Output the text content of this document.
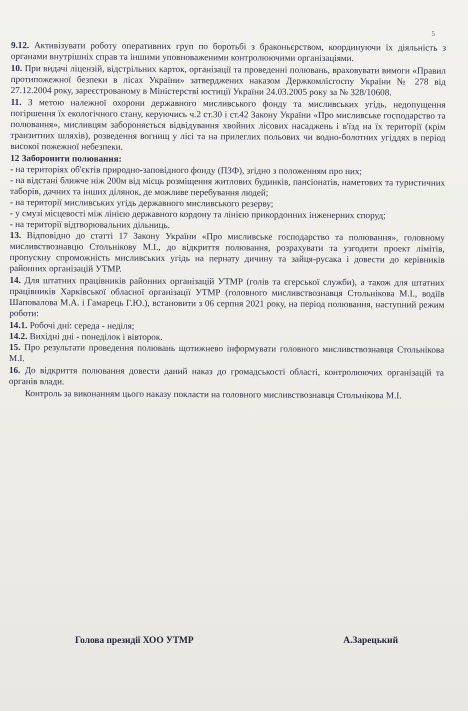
5

9.12. Активізувати роботу оперативних груп по боротьбі з браконьєрством, координуючи їх діяльність з органами внутрішніх справ та іншими уповноваженими контролюючими організаціями.

10. При видачі ліцензій, відстрільних карток, організації та проведенні полювань, враховувати вимоги «Правил протипожежної безпеки в лісах України» затверджених наказом Держкомлісгоспу України № 278 від 27.12.2004 року, зареєстрованому в Міністерстві юстиції України 24.03.2005 року за № 328/10608.

11. З метою належної охорони державного мисливського фонду та мисливських угідь, недопущення погіршення їх екологічного стану, керуючись ч.2 ст.30 і ст.42 Закону України «Про мисливське господарство та полювання», мисливцям забороняється відвідування хвойних лісових насаджень і в'їзд на їх території (крім транзитних шляхів), розведення вогнищ у лісі та на прилеглих польових чи водно-болотних угіддях в період високої пожежної небезпеки.

12 Заборонити полювання:

- на територіях об'єктів природно-заповідного фонду (ПЗФ), згідно з положенням про них;

- на відстані ближче ніж 200м від місць розміщення житлових будинків, пансіонатів, наметових та туристичних таборів, дачних та інших ділянок, де можливе перебування людей;

- на території мисливських угідь державного мисливського резерву;

- у смузі місцевості між лінією державного кордону та лінією прикордонних інженерних споруд;

- на території відтворювальних дільниць.

13. Відповідно до статті 17 Закону України «Про мисливське господарство та полювання», головному мисливствознавцю Стольнікову М.І., до відкриття полювання, розрахувати та узгодити проект лімітів, пропускну спроможність мисливських угідь на пернату дичину та зайця-русака і довести до керівників районних організацій УТМР.

14. Для штатних працівників районних організацій УТМР (голів та єгерської служби), а також для штатних працівників Харківської обласної організації УТМР (головного мисливствознавця Стольнікова М.І., водіїв Шаповалова М.А. і Гамарець Г.Ю.), встановити з 06 серпня 2021 року, на період полювання, наступний режим роботи:

14.1. Робочі дні: середа - неділя;

14.2. Вихідні дні - понеділок і вівторок.

15. Про результати проведення полювань щотижнево інформувати головного мисливствознавця Стольнікова М.І.

16. До відкриття полювання довести даний наказ до громадськості області, контролюючих організацій та органів влади.

Контроль за виконанням цього наказу покласти на головного мисливствознавця Стольнікова М.І.

Голова президії ХОО УТМР	А.Зарецький
